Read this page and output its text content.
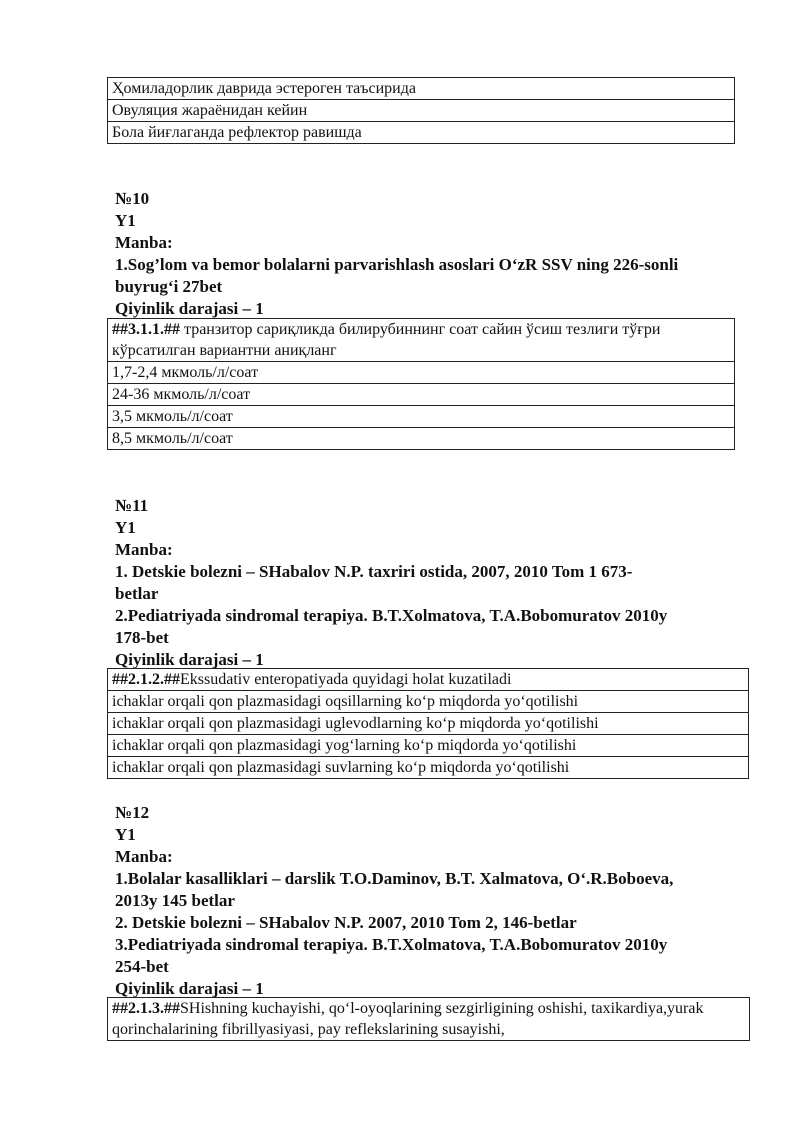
Ҳомиладорлик даврида эстероген таъсирида
Овуляция жараёнидан кейин
Бола йиғлаганда рефлектор равишда
№10
Y1
Manba:
1.Sog’lom va bemor bolalarni parvarishlash asoslari O‘zR SSV ning 226-sonli
buyrug‘i 27bet
Qiyinlik darajasi – 1
##3.1.1.## транзитор сариқликда билирубиннинг соат сайин ўсиш тезлиги тўғри кўрсатилган вариантни аниқланг
1,7-2,4 мкмоль/л/соат
24-36 мкмоль/л/соат
3,5 мкмоль/л/соат
8,5 мкмоль/л/соат
№11
Y1
Manba:
1. Detskie bolezni – SHabalov N.P. taxriri ostida, 2007, 2010 Tom 1 673-
betlar
2.Pediatriyada sindromal terapiya. B.T.Xolmatova, T.A.Bobomuratov 2010y
178-bet
Qiyinlik darajasi – 1
##2.1.2.##Ekssudativ enteropatiyada quyidagi holat kuzatiladi
ichaklar orqali qon plazmasidagi oqsillarning ko‘p miqdorda yo‘qotilishi
ichaklar orqali qon plazmasidagi uglevodlarning ko‘p miqdorda yo‘qotilishi
ichaklar orqali qon plazmasidagi yog‘larning ko‘p miqdorda yo‘qotilishi
ichaklar orqali qon plazmasidagi suvlarning ko‘p miqdorda yo‘qotilishi
№12
Y1
Manba:
1.Bolalar kasalliklari – darslik T.O.Daminov, B.T. Xalmatova, O‘.R.Boboeva,
2013y 145 betlar
2. Detskie bolezni – SHabalov N.P. 2007, 2010 Tom 2, 146-betlar
3.Pediatriyada sindromal terapiya. B.T.Xolmatova, T.A.Bobomuratov 2010y
254-bet
Qiyinlik darajasi – 1
##2.1.3.##SHishning kuchayishi, qo‘l-oyoqlarining sezgirligining oshishi, taxikardiya,yurak qorinchalarining fibrillyasiyasi, pay reflekslarining susayishi,
